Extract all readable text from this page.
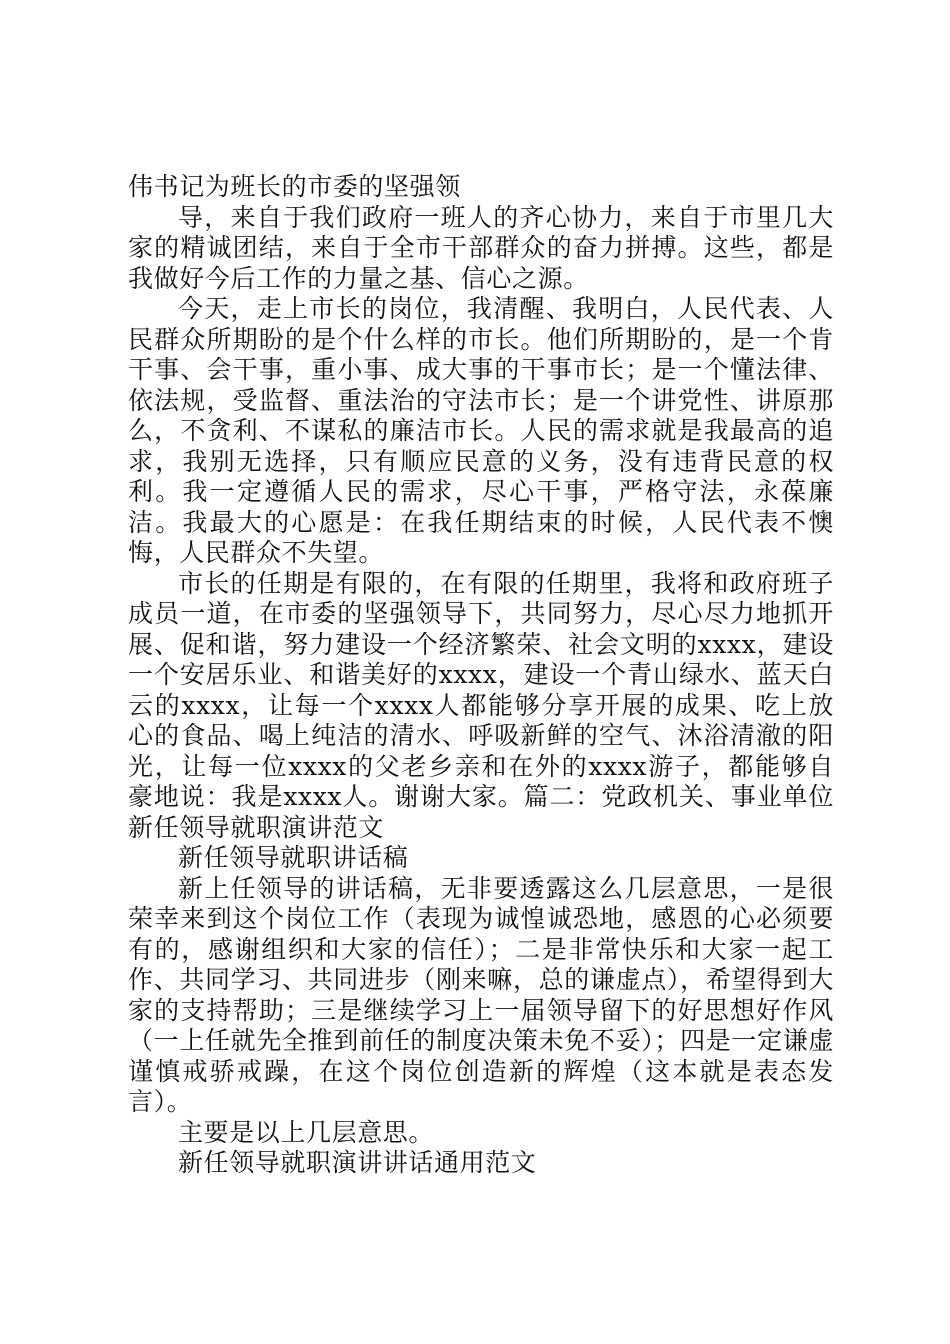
伟书记为班长的市委的坚强领

导，来自于我们政府一班人的齐心协力，来自于市里几大家的精诚团结，来自于全市干部群众的奋力拼搏。这些，都是我做好今后工作的力量之基、信心之源。

今天，走上市长的岗位，我清醒、我明白，人民代表、人民群众所期盼的是个什么样的市长。他们所期盼的，是一个肯干事、会干事，重小事、成大事的干事市长；是一个懂法律、依法规，受监督、重法治的守法市长；是一个讲党性、讲原那么，不贪利、不谋私的廉洁市长。人民的需求就是我最高的追求，我别无选择，只有顺应民意的义务，没有违背民意的权利。我一定遵循人民的需求，尽心干事，严格守法，永葆廉洁。我最大的心愿是：在我任期结束的时候，人民代表不懊悔，人民群众不失望。

市长的任期是有限的，在有限的任期里，我将和政府班子成员一道，在市委的坚强领导下，共同努力，尽心尽力地抓开展、促和谐，努力建设一个经济繁荣、社会文明的xxxx，建设一个安居乐业、和谐美好的xxxx，建设一个青山绿水、蓝天白云的xxxx，让每一个xxxx人都能够分享开展的成果、吃上放心的食品、喝上纯洁的清水、呼吸新鲜的空气、沐浴清澈的阳光，让每一位xxxx的父老乡亲和在外的xxxx游子，都能够自豪地说：我是xxxx人。谢谢大家。篇二：党政机关、事业单位新任领导就职演讲范文

新任领导就职讲话稿

新上任领导的讲话稿，无非要透露这么几层意思，一是很荣幸来到这个岗位工作（表现为诚惶诚恐地，感恩的心必须要有的，感谢组织和大家的信任）；二是非常快乐和大家一起工作、共同学习、共同进步（刚来嘛，总的谦虚点），希望得到大家的支持帮助；三是继续学习上一届领导留下的好思想好作风（一上任就先全推到前任的制度决策未免不妥）；四是一定谦虚谨慎戒骄戒躁，在这个岗位创造新的辉煌（这本就是表态发言）。

主要是以上几层意思。

新任领导就职演讲讲话通用范文
